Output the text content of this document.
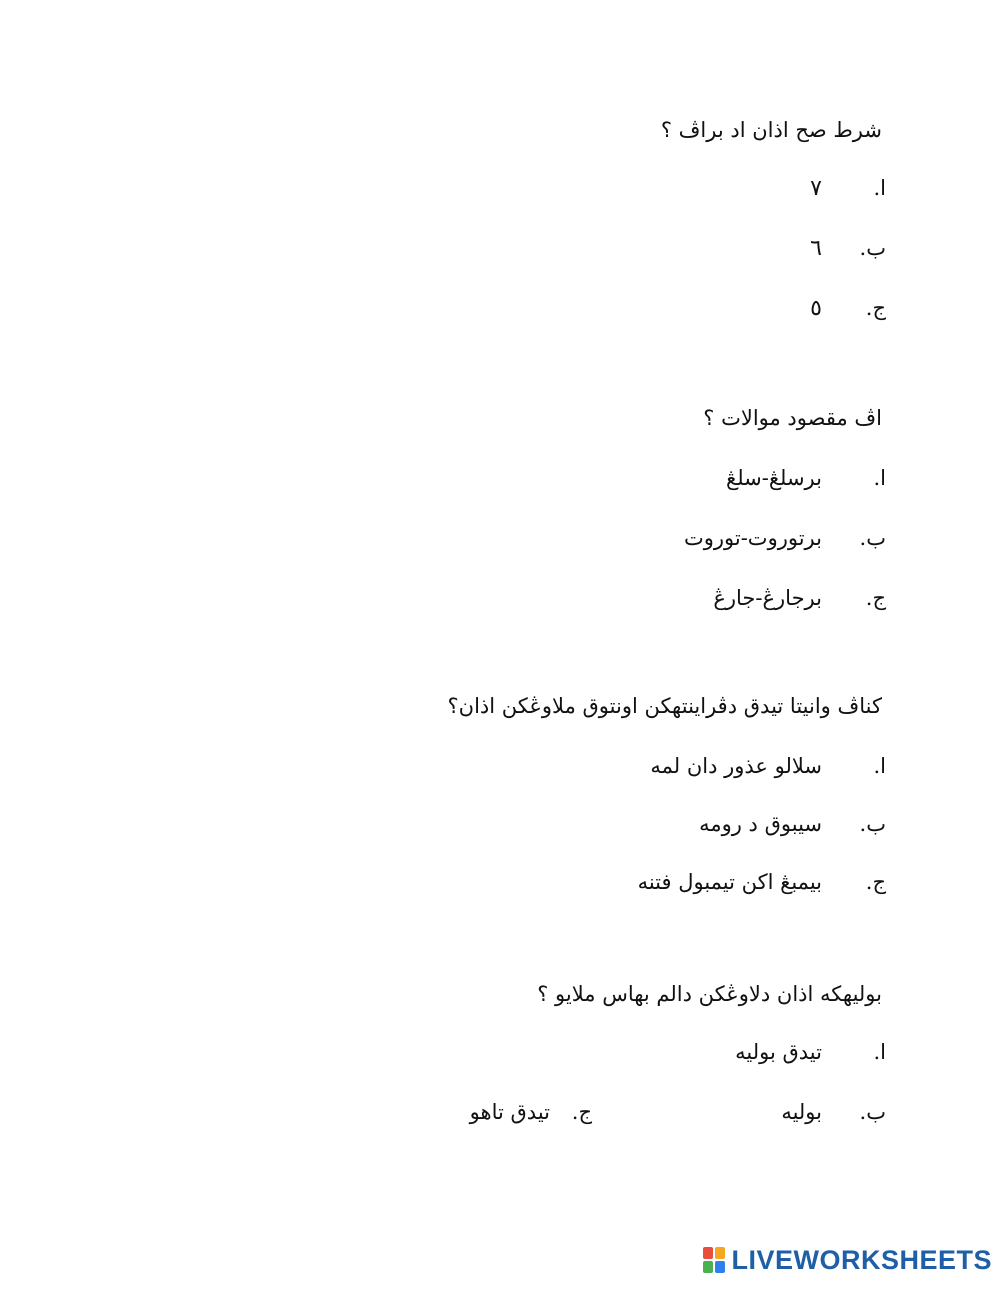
شرط صح اذان اد براڤ ؟
ا.٧
ب.٦
ج.٥
اڤ مقصود موالات ؟
ا.برسلڠ-سلڠ
ب.برتوروت-توروت
ج.برجارڠ-جارڠ
کناڤ وانيتا تيدق دڤراينتهکن اونتوق ملاوڠکن اذان؟
ا.سلالو عذور دان لمه
ب.سيبوق د رومه
ج.بيمبڠ اکن تيمبول فتنه
بوليهکه اذان دلاوڠکن دالم بهاس ملايو ؟
ا.تيدق بوليه
ب.بوليه
ج.تيدق تاهو
LIVEWORKSHEETS
